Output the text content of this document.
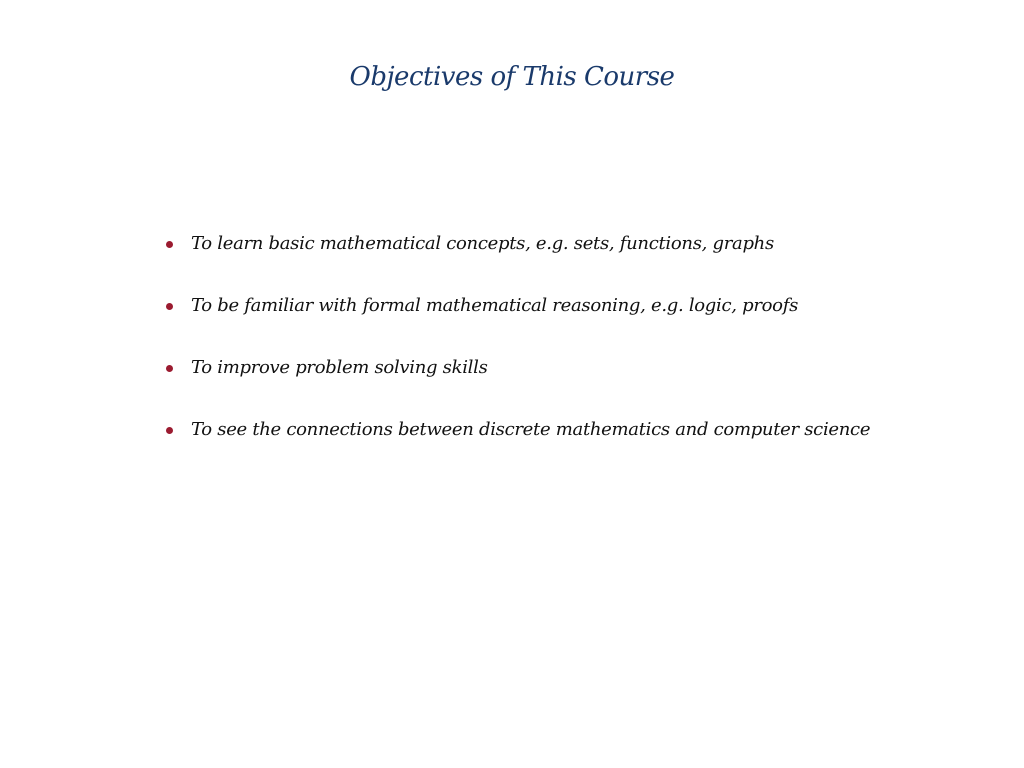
Objectives of This Course
To learn basic mathematical concepts, e.g. sets, functions, graphs
To be familiar with formal mathematical reasoning, e.g. logic, proofs
To improve problem solving skills
To see the connections between discrete mathematics and computer science
